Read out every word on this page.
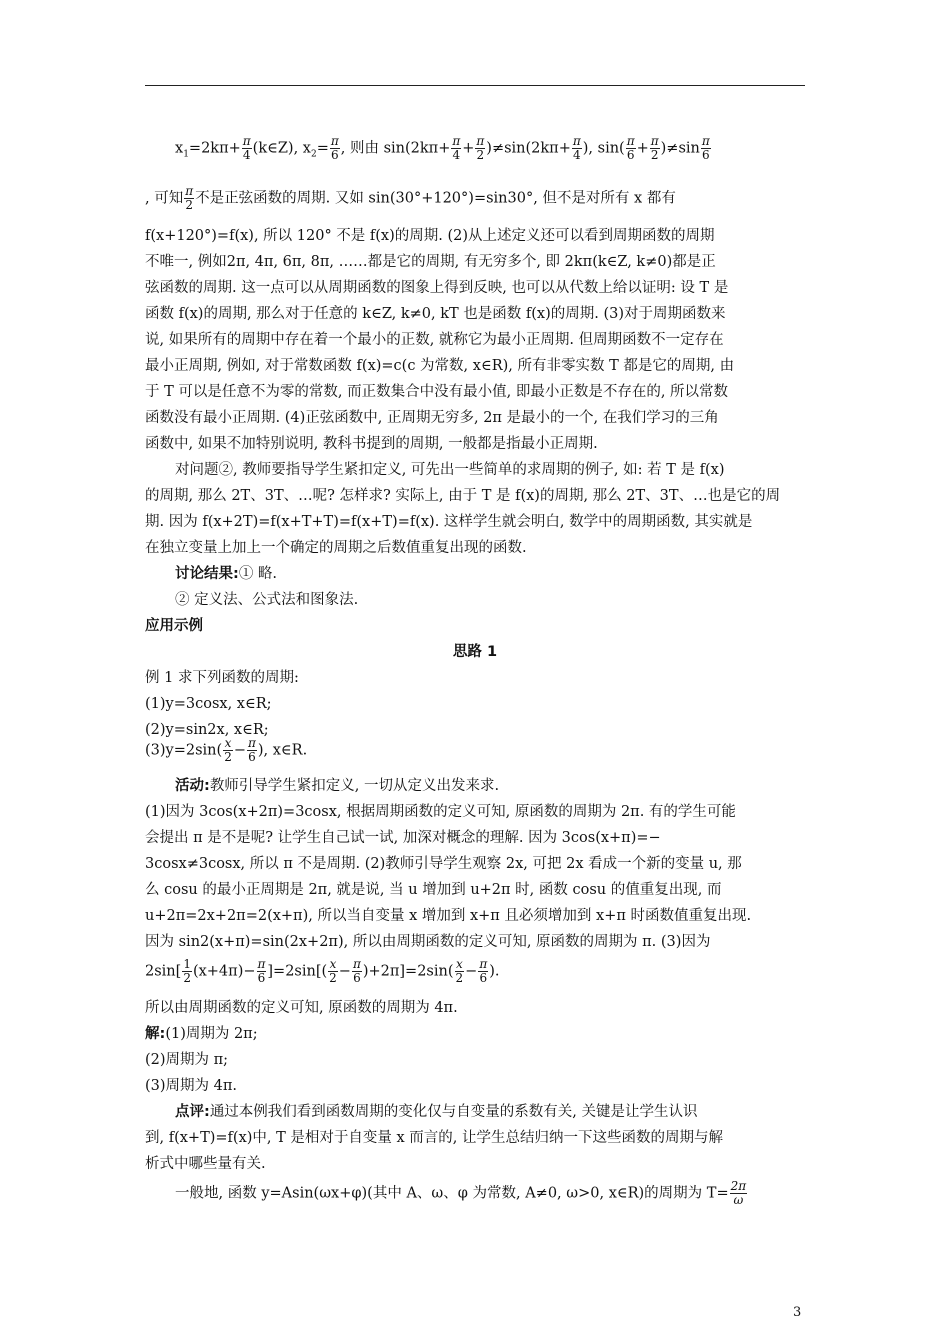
$x_1=2k\pi+ \frac{\pi}{4}$ (k∈Z), $x_2= \frac{\pi}{6}$ , 则由 $\sin(2k\pi+ \frac{\pi}{4} + \frac{\pi}{2} )\ne\sin(2k\pi+ \frac{\pi}{4}$ ), $\sin( \frac{\pi}{6} + \frac{\pi}{2} )\ne\sin \frac{\pi}{6}$
, 可知 $\frac{\pi}{2}$ 不是正弦函数的周期. 又如 sin(30°+120°)=sin30°, 但不是对所有 x 都有
f(x+120°)=f(x), 所以 120° 不是 f(x)的周期. (2)从上述定义还可以看到周期函数的周期
不唯一, 例如2π, 4π, 6π, 8π, ……都是它的周期, 有无穷多个, 即 2kπ(k∈Z, k≠0)都是正
弦函数的周期. 这一点可以从周期函数的图象上得到反映, 也可以从代数上给以证明: 设 T 是
函数 f(x)的周期, 那么对于任意的 k∈Z, k≠0, kT 也是函数 f(x)的周期. (3)对于周期函数来
说, 如果所有的周期中存在着一个最小的正数, 就称它为最小正周期. 但周期函数不一定存在
最小正周期, 例如, 对于常数函数 f(x)=c(c 为常数, x∈R), 所有非零实数 T 都是它的周期, 由
于 T 可以是任意不为零的常数, 而正数集合中没有最小值, 即最小正数是不存在的, 所以常数
函数没有最小正周期. (4)正弦函数中, 正周期无穷多, 2π 是最小的一个, 在我们学习的三角
函数中, 如果不加特别说明, 教科书提到的周期, 一般都是指最小正周期.
对问题②, 教师要指导学生紧扣定义, 可先出一些简单的求周期的例子, 如: 若 T 是 f(x)
的周期, 那么 2T、3T、…呢? 怎样求? 实际上, 由于 T 是 f(x)的周期, 那么 2T、3T、…也是它的周
期. 因为 f(x+2T)=f(x+T+T)=f(x+T)=f(x). 这样学生就会明白, 数学中的周期函数, 其实就是
在独立变量上加上一个确定的周期之后数值重复出现的函数.
讨论结果:① 略.
② 定义法、公式法和图象法.
应用示例
思路 1
例 1 求下列函数的周期:
(1)y=3cosx, x∈R;
(2)y=sin2x, x∈R;
$(3)y=2\sin( \frac{x}{2} - \frac{\pi}{6}$ ), x∈R.
活动:教师引导学生紧扣定义, 一切从定义出发来求.
(1)因为 3cos(x+2π)=3cosx, 根据周期函数的定义可知, 原函数的周期为 2π. 有的学生可能
会提出 π 是不是呢? 让学生自己试一试, 加深对概念的理解. 因为 3cos(x+π)=−
3cosx≠3cosx, 所以 π 不是周期. (2)教师引导学生观察 2x, 可把 2x 看成一个新的变量 u, 那
么 cosu 的最小正周期是 2π, 就是说, 当 u 增加到 u+2π 时, 函数 cosu 的值重复出现, 而
u+2π=2x+2π=2(x+π), 所以当自变量 x 增加到 x+π 且必须增加到 x+π 时函数值重复出现.
因为 sin2(x+π)=sin(2x+2π), 所以由周期函数的定义可知, 原函数的周期为 π. (3)因为
$2\sin[ \frac{1}{2} (x+4\pi)- \frac{\pi}{6} ]=2\sin[( \frac{x}{2} - \frac{\pi}{6} )+2\pi]=2\sin( \frac{x}{2} - \frac{\pi}{6}$ ).
所以由周期函数的定义可知, 原函数的周期为 4π.
解:(1)周期为 2π;
(2)周期为 π;
(3)周期为 4π.
点评:通过本例我们看到函数周期的变化仅与自变量的系数有关, 关键是让学生认识
到, f(x+T)=f(x)中, T 是相对于自变量 x 而言的, 让学生总结归纳一下这些函数的周期与解
析式中哪些量有关.
一般地, 函数 y=Asin(ωx+φ)(其中 A、ω、φ 为常数, A≠0, ω>0, x∈R)的周期为 $T= \frac{2\pi}{\omega}$
3
